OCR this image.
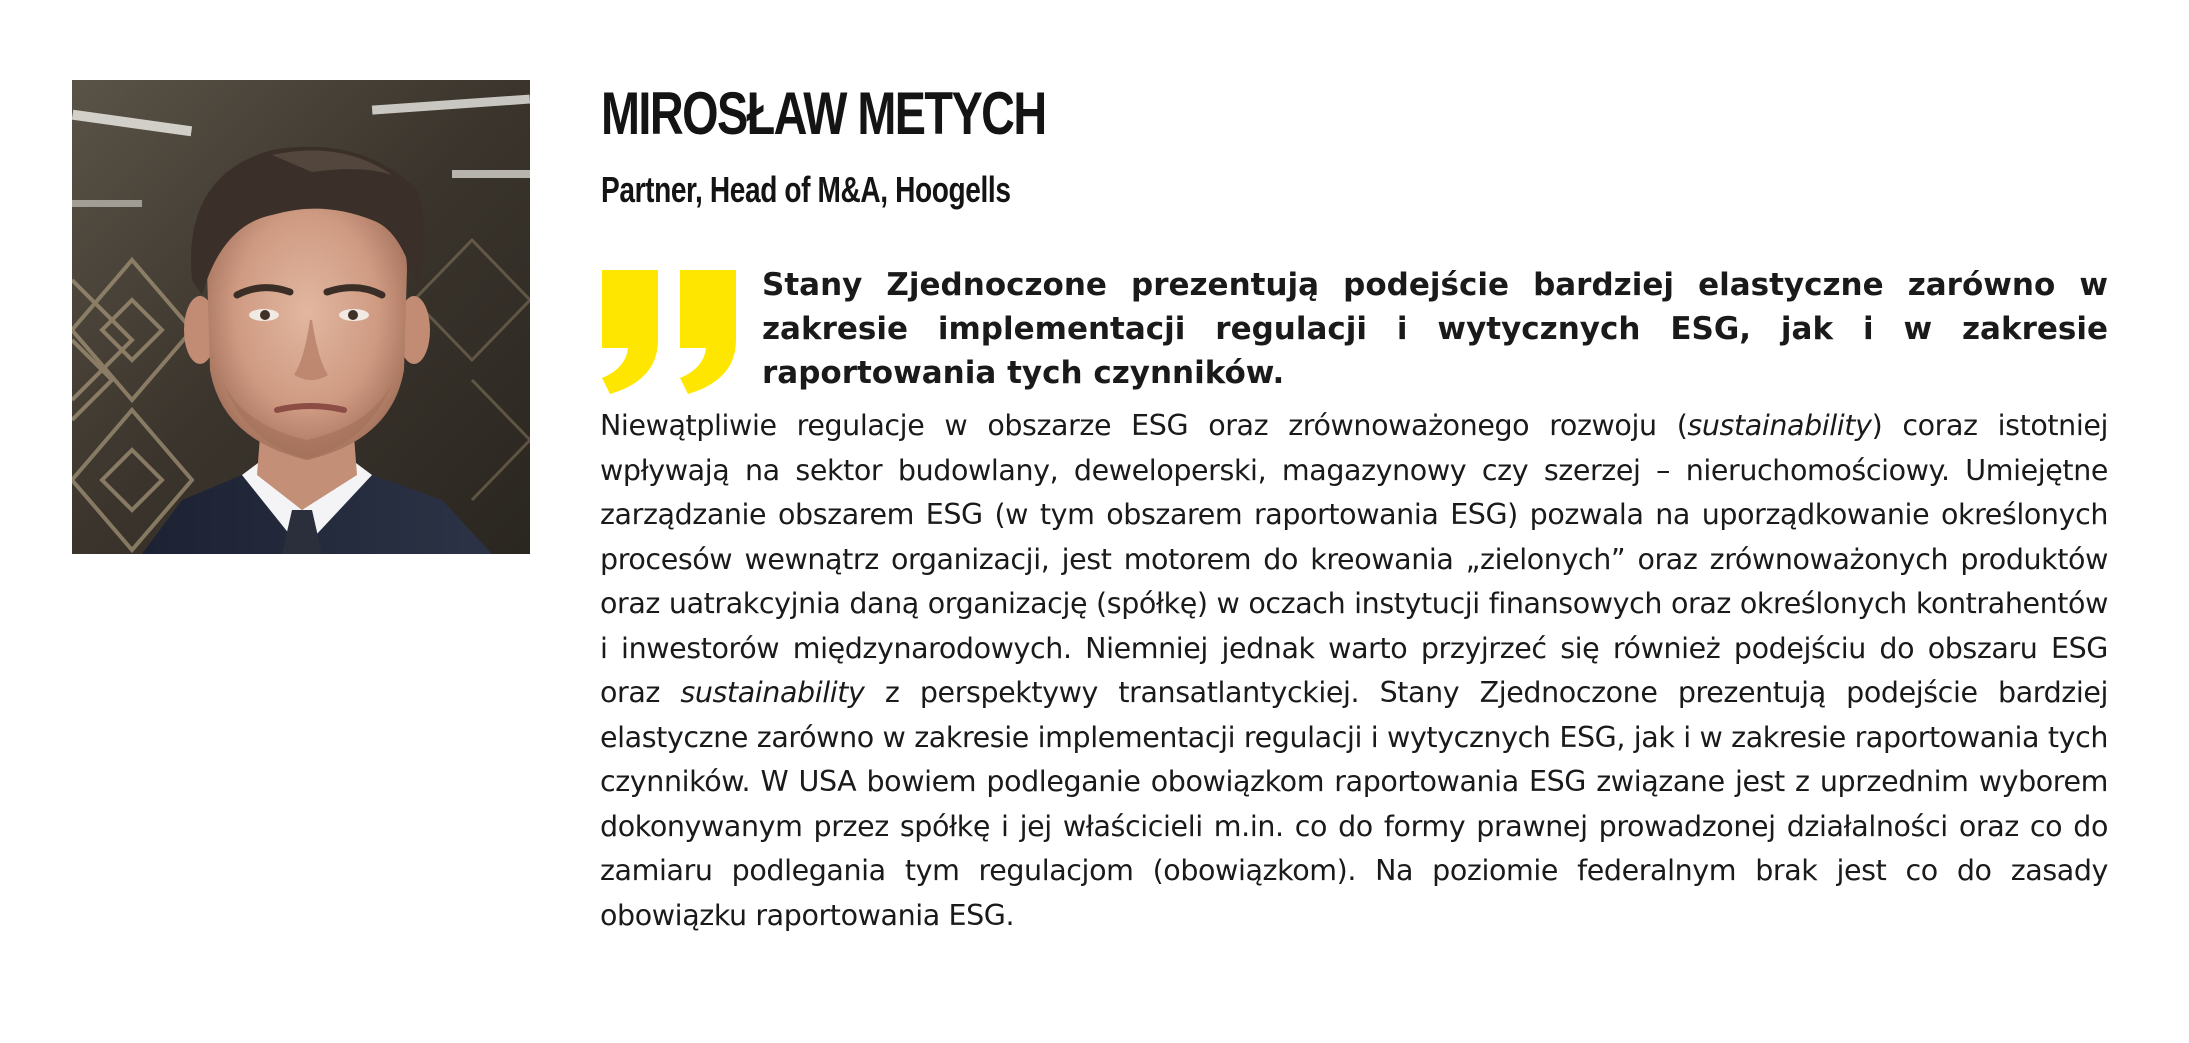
MIROSŁAW METYCH
Partner, Head of M&A, Hoogells

Stany Zjednoczone prezentują podejście bardziej elastyczne zarówno w zakresie implementacji regulacji i wytycznych ESG, jak i w zakresie raportowania tych czynników.

Niewątpliwie regulacje w obszarze ESG oraz zrównoważonego rozwoju (sustainability) coraz istotniej wpływają na sektor budowlany, deweloperski, magazynowy czy szerzej – nieruchomościowy. Umiejętne zarządzanie obszarem ESG (w tym obszarem raportowania ESG) pozwala na uporządkowanie określonych procesów wewnątrz organizacji, jest motorem do kreowania „zielonych” oraz zrównoważonych produktów oraz uatrakcyjnia daną organizację (spółkę) w oczach instytucji finansowych oraz określonych kontrahentów i inwestorów międzynarodowych. Niemniej jednak warto przyjrzeć się również podejściu do obszaru ESG oraz sustainability z perspektywy transatlantyckiej. Stany Zjednoczone prezentują podejście bardziej elastyczne zarówno w zakresie implementacji regulacji i wytycznych ESG, jak i w zakresie raportowania tych czynników. W USA bowiem podleganie obowiązkom raportowania ESG związane jest z uprzednim wyborem dokonywanym przez spółkę i jej właścicieli m.in. co do formy prawnej prowadzonej działalności oraz co do zamiaru podlegania tym regulacjom (obowiązkom). Na poziomie federalnym brak jest co do zasady obowiązku raportowania ESG.
